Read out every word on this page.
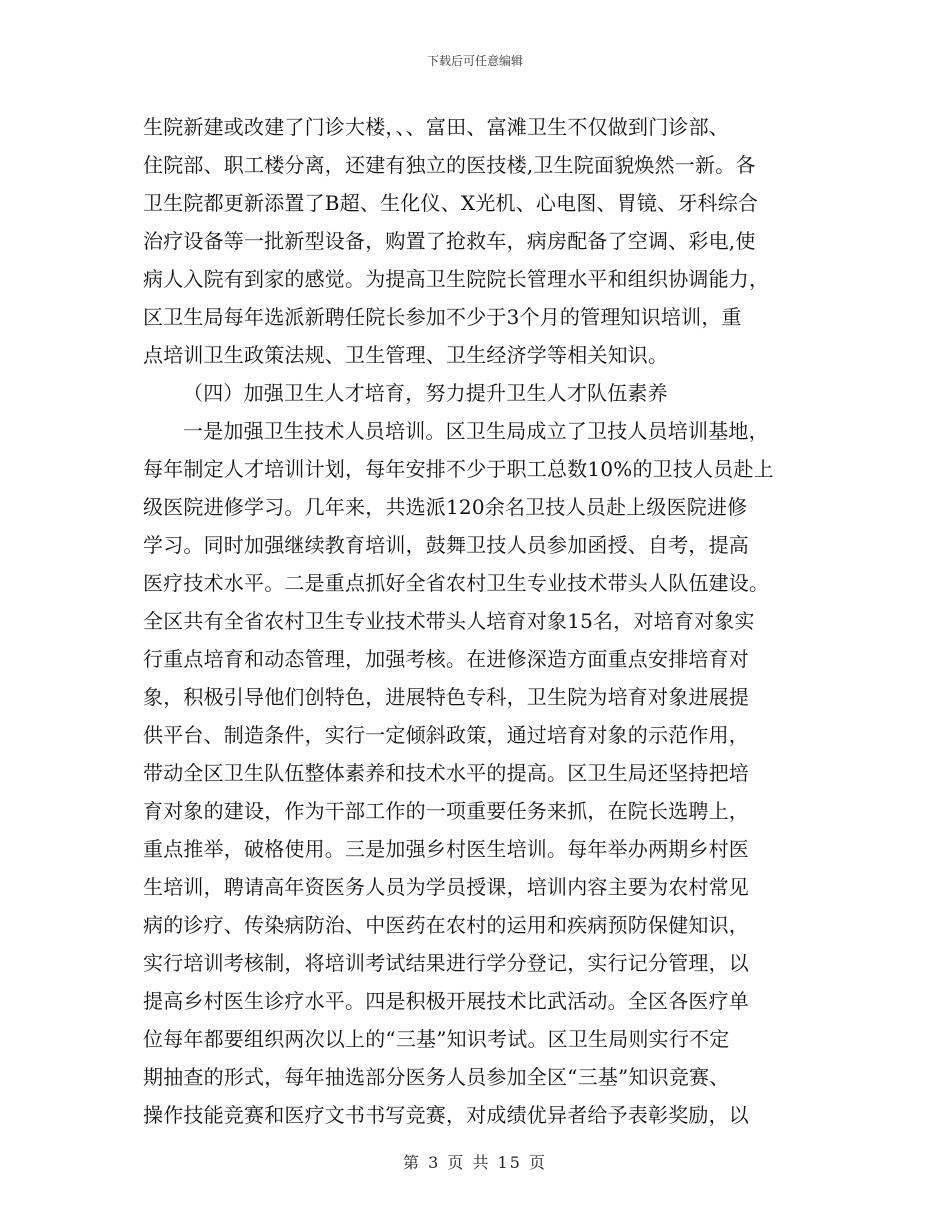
下载后可任意编辑
生院新建或改建了门诊大楼，、、富田、富滩卫生不仅做到门诊部、
住院部、职工楼分离，还建有独立的医技楼,卫生院面貌焕然一新。各
卫生院都更新添置了B超、生化仪、X光机、心电图、胃镜、牙科综合
治疗设备等一批新型设备，购置了抢救车，病房配备了空调、彩电,使
病人入院有到家的感觉。为提高卫生院院长管理水平和组织协调能力，
区卫生局每年选派新聘任院长参加不少于3个月的管理知识培训，重
点培训卫生政策法规、卫生管理、卫生经济学等相关知识。
（四）加强卫生人才培育，努力提升卫生人才队伍素养
一是加强卫生技术人员培训。区卫生局成立了卫技人员培训基地，
每年制定人才培训计划，每年安排不少于职工总数10%的卫技人员赴上
级医院进修学习。几年来，共选派120余名卫技人员赴上级医院进修
学习。同时加强继续教育培训，鼓舞卫技人员参加函授、自考，提高
医疗技术水平。二是重点抓好全省农村卫生专业技术带头人队伍建设。
全区共有全省农村卫生专业技术带头人培育对象15名，对培育对象实
行重点培育和动态管理，加强考核。在进修深造方面重点安排培育对
象，积极引导他们创特色，进展特色专科，卫生院为培育对象进展提
供平台、制造条件，实行一定倾斜政策，通过培育对象的示范作用，
带动全区卫生队伍整体素养和技术水平的提高。区卫生局还坚持把培
育对象的建设，作为干部工作的一项重要任务来抓，在院长选聘上，
重点推举，破格使用。三是加强乡村医生培训。每年举办两期乡村医
生培训，聘请高年资医务人员为学员授课，培训内容主要为农村常见
病的诊疗、传染病防治、中医药在农村的运用和疾病预防保健知识，
实行培训考核制，将培训考试结果进行学分登记，实行记分管理，以
提高乡村医生诊疗水平。四是积极开展技术比武活动。全区各医疗单
位每年都要组织两次以上的“三基”知识考试。区卫生局则实行不定
期抽查的形式，每年抽选部分医务人员参加全区“三基”知识竞赛、
操作技能竞赛和医疗文书书写竞赛，对成绩优异者给予表彰奖励，以
第 3 页 共 15 页
